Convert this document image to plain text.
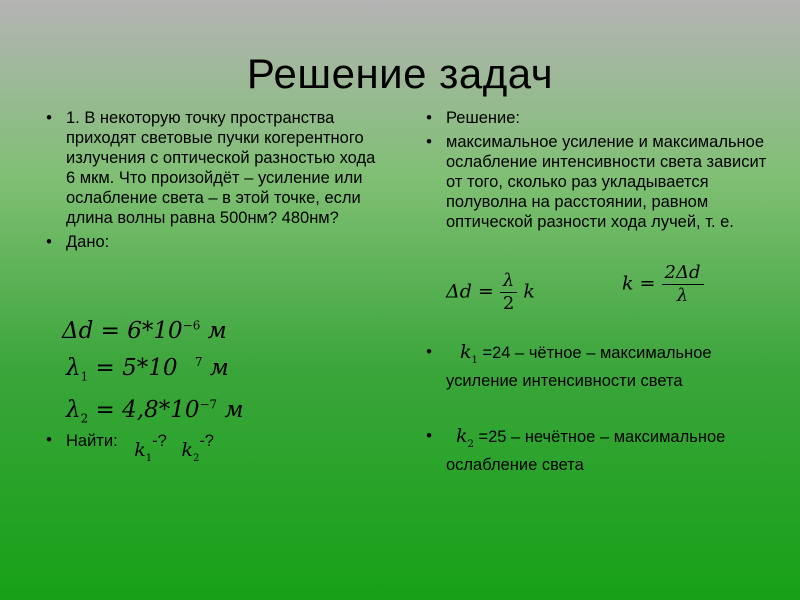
Решение задач
• 1. В некоторую точку пространства приходят световые пучки когерентного излучения с оптической разностью хода 6 мкм. Что произойдёт – усиление или ослабление света – в этой точке, если длина волны равна 500нм? 480нм?
• Дано:
$\Delta d = 6*10^{-6}$ м
$\lambda_1 = 5*10$ $^7$ м
$\lambda_2 = 4,8*10^{-7}$ м
• Найти: $k_1-$? $k_2-$?
• Решение:
• максимальное усиление и максимальное ослабление интенсивности света зависит от того, сколько раз укладывается полуволна на расстоянии, равном оптической разности хода лучей, т. е.
$\Delta d = \frac{\lambda}{2}$ k	$k = \frac{2\Delta d}{\lambda}$
•	$k_1 =24$ – чётное – максимальное усиление интенсивности света
•	$k_2 =25$ – нечётное – максимальное ослабление света
